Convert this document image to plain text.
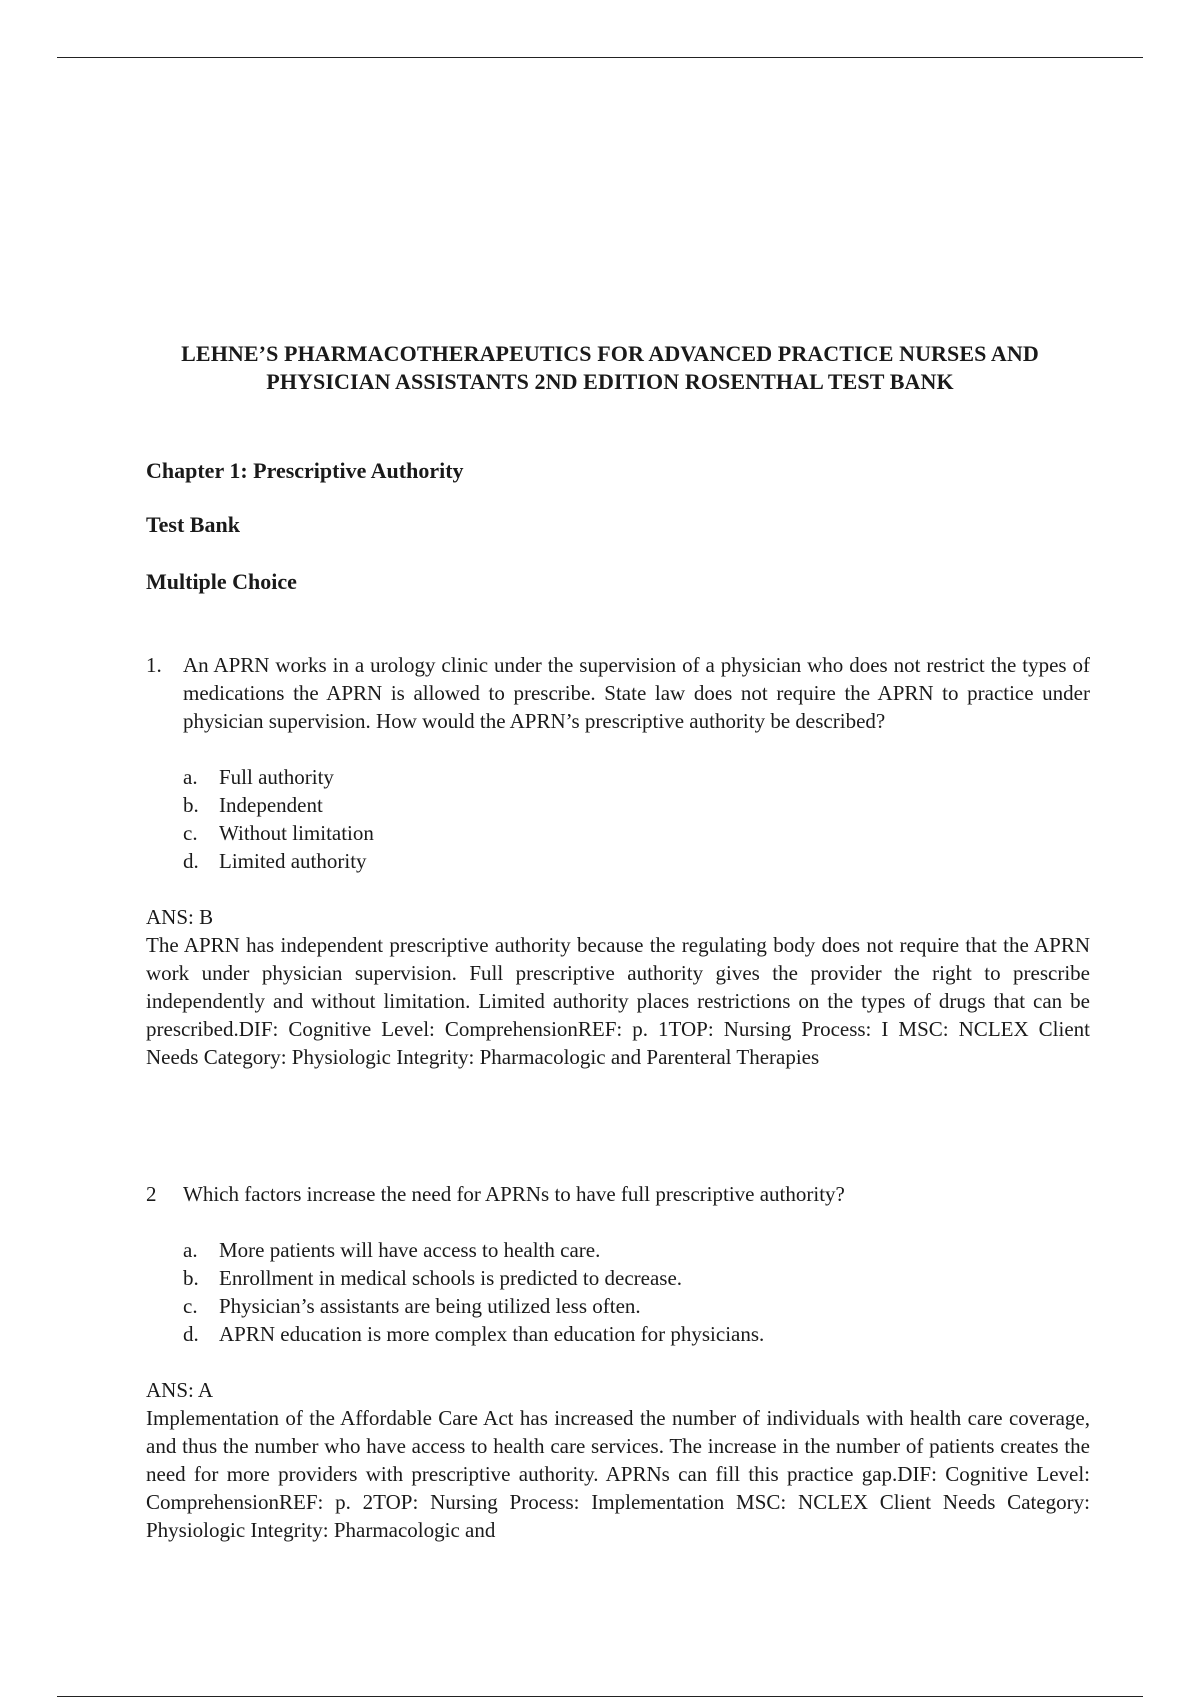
LEHNE’S PHARMACOTHERAPEUTICS FOR ADVANCED PRACTICE NURSES AND
PHYSICIAN ASSISTANTS 2ND EDITION ROSENTHAL TEST BANK
Chapter 1: Prescriptive Authority
Test Bank
Multiple Choice
1. An APRN works in a urology clinic under the supervision of a physician who does not restrict the types of medications the APRN is allowed to prescribe. State law does not require the APRN to practice under physician supervision. How would the APRN’s prescriptive authority be described?
a. Full authority
b. Independent
c. Without limitation
d. Limited authority
ANS: B
The APRN has independent prescriptive authority because the regulating body does not require that the APRN work under physician supervision. Full prescriptive authority gives the provider the right to prescribe independently and without limitation. Limited authority places restrictions on the types of drugs that can be prescribed.DIF: Cognitive Level: ComprehensionREF: p. 1TOP: Nursing Process: I MSC: NCLEX Client Needs Category: Physiologic Integrity: Pharmacologic and Parenteral Therapies
2 Which factors increase the need for APRNs to have full prescriptive authority?
a. More patients will have access to health care.
b. Enrollment in medical schools is predicted to decrease.
c. Physician’s assistants are being utilized less often.
d. APRN education is more complex than education for physicians.
ANS: A
Implementation of the Affordable Care Act has increased the number of individuals with health care coverage, and thus the number who have access to health care services. The increase in the number of patients creates the need for more providers with prescriptive authority. APRNs can fill this practice gap.DIF: Cognitive Level: ComprehensionREF: p. 2TOP: Nursing Process: Implementation MSC: NCLEX Client Needs Category: Physiologic Integrity: Pharmacologic and
